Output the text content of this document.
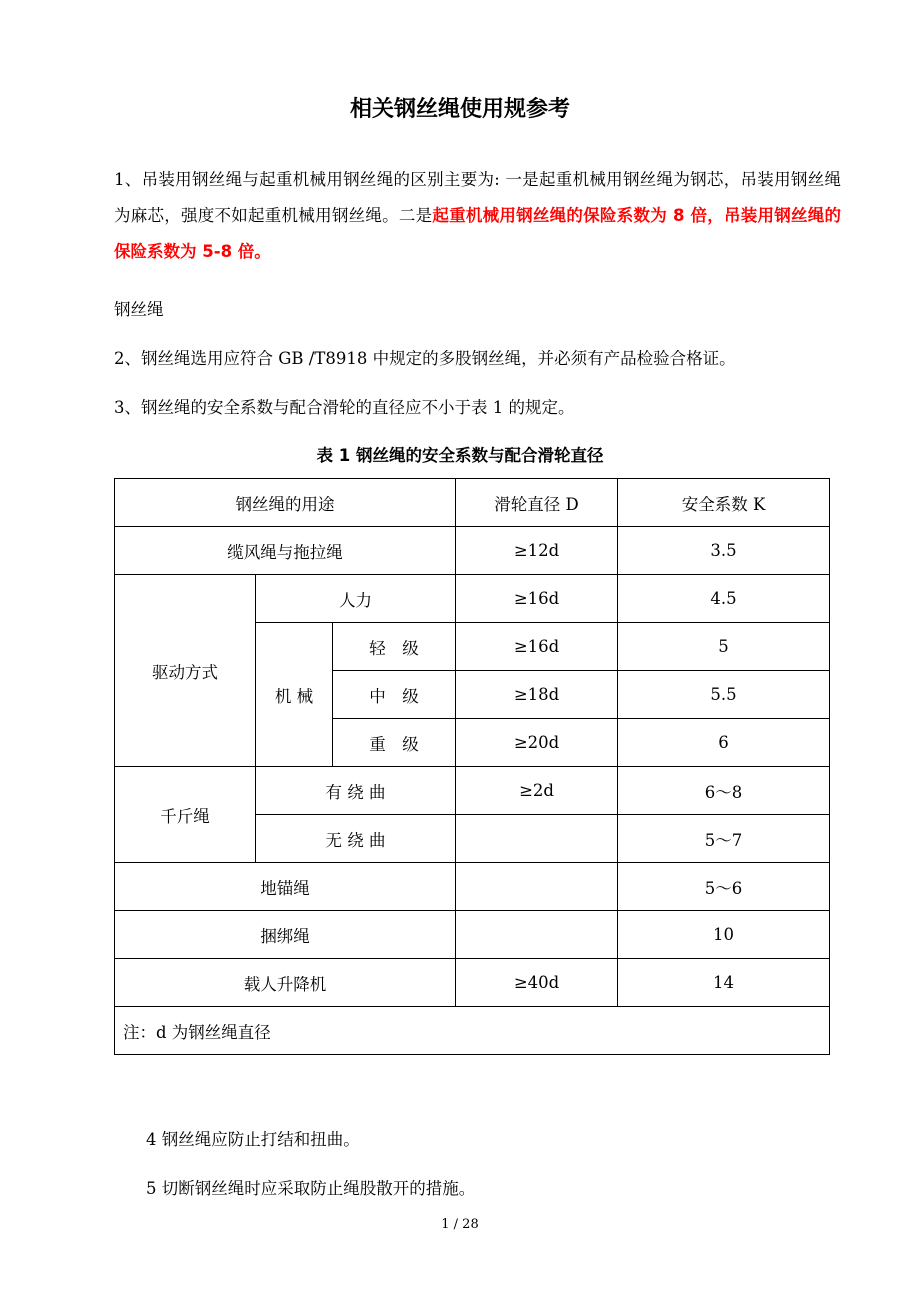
相关钢丝绳使用规参考
1、吊装用钢丝绳与起重机械用钢丝绳的区别主要为: 一是起重机械用钢丝绳为钢芯，吊装用钢丝绳为麻芯，强度不如起重机械用钢丝绳。二是起重机械用钢丝绳的保险系数为 8 倍，吊装用钢丝绳的保险系数为 5-8 倍。
钢丝绳
2、钢丝绳选用应符合 GB /T8918 中规定的多股钢丝绳，并必须有产品检验合格证。
3、钢丝绳的安全系数与配合滑轮的直径应不小于表 1 的规定。
表 1 钢丝绳的安全系数与配合滑轮直径
钢丝绳的用途			滑轮直径 D	安全系数 K
缆风绳与拖拉绳			≥12d	3.5
驱动方式	人力		≥16d	4.5
	机 械	轻　级	≥16d	5
		中　级	≥18d	5.5
		重　级	≥20d	6
千斤绳	有 绕 曲		≥2d	6～8
	无 绕 曲			5～7
地锚绳				5～6
捆绑绳				10
载人升降机			≥40d	14
注：d 为钢丝绳直径				
4 钢丝绳应防止打结和扭曲。
5 切断钢丝绳时应采取防止绳股散开的措施。
1 / 28
